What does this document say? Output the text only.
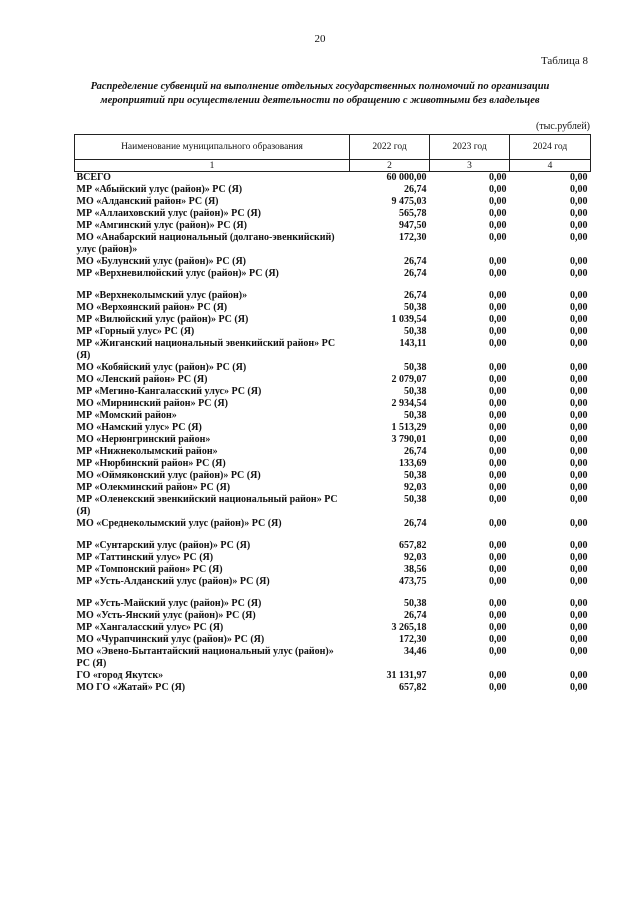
20
Таблица 8
Распределение субвенций на выполнение отдельных государственных полномочий по организации мероприятий при осуществлении деятельности по обращению с животными без владельцев
(тыс.рублей)
Наименование муниципального образования	2022 год	2023 год	2024 год
1	2	3	4
ВСЕГО	60 000,00	0,00	0,00
МР «Абыйский улус (район)» РС (Я)	26,74	0,00	0,00
МО «Алданский район» РС (Я)	9 475,03	0,00	0,00
МР «Аллаиховский улус (район)» РС (Я)	565,78	0,00	0,00
МР «Амгинский улус (район)» РС (Я)	947,50	0,00	0,00
МО «Анабарский национальный (долгано-эвенкийский) улус (район)»	172,30	0,00	0,00
МО «Булунский улус (район)» РС (Я)	26,74	0,00	0,00
МР «Верхневилюйский улус (район)» РС (Я)	26,74	0,00	0,00

МР «Верхнеколымский улус (район)»	26,74	0,00	0,00
МО «Верхоянский район» РС (Я)	50,38	0,00	0,00
МР «Вилюйский улус (район)» РС (Я)	1 039,54	0,00	0,00
МР «Горный улус» РС (Я)	50,38	0,00	0,00
МР «Жиганский национальный эвенкийский район» РС (Я)	143,11	0,00	0,00
МО «Кобяйский улус (район)» РС (Я)	50,38	0,00	0,00
МО «Ленский район» РС (Я)	2 079,07	0,00	0,00
МР «Мегино-Кангаласский улус» РС (Я)	50,38	0,00	0,00
МО «Мирнинский район» РС (Я)	2 934,54	0,00	0,00
МР «Момский район»	50,38	0,00	0,00
МО «Намский улус» РС (Я)	1 513,29	0,00	0,00
МО «Нерюнгринский район»	3 790,01	0,00	0,00
МР «Нижнеколымский район»	26,74	0,00	0,00
МР «Нюрбинский район» РС (Я)	133,69	0,00	0,00
МО «Оймяконский улус (район)» РС (Я)	50,38	0,00	0,00
МР «Олекминский район» РС (Я)	92,03	0,00	0,00
МР «Оленекский эвенкийский национальный район» РС (Я)	50,38	0,00	0,00
МО «Среднеколымский улус (район)» РС (Я)	26,74	0,00	0,00

МР «Сунтарский улус (район)» РС (Я)	657,82	0,00	0,00
МР «Таттинский улус» РС (Я)	92,03	0,00	0,00
МР «Томпонский район» РС (Я)	38,56	0,00	0,00
МР «Усть-Алданский улус (район)» РС (Я)	473,75	0,00	0,00

МР «Усть-Майский улус (район)» РС (Я)	50,38	0,00	0,00
МО «Усть-Янский улус (район)» РС (Я)	26,74	0,00	0,00
МР «Хангаласский улус» РС (Я)	3 265,18	0,00	0,00
МО «Чурапчинский улус (район)» РС (Я)	172,30	0,00	0,00
МО «Эвено-Бытантайский национальный улус (район)» РС (Я)	34,46	0,00	0,00
ГО «город Якутск»	31 131,97	0,00	0,00
МО ГО «Жатай» РС (Я)	657,82	0,00	0,00
